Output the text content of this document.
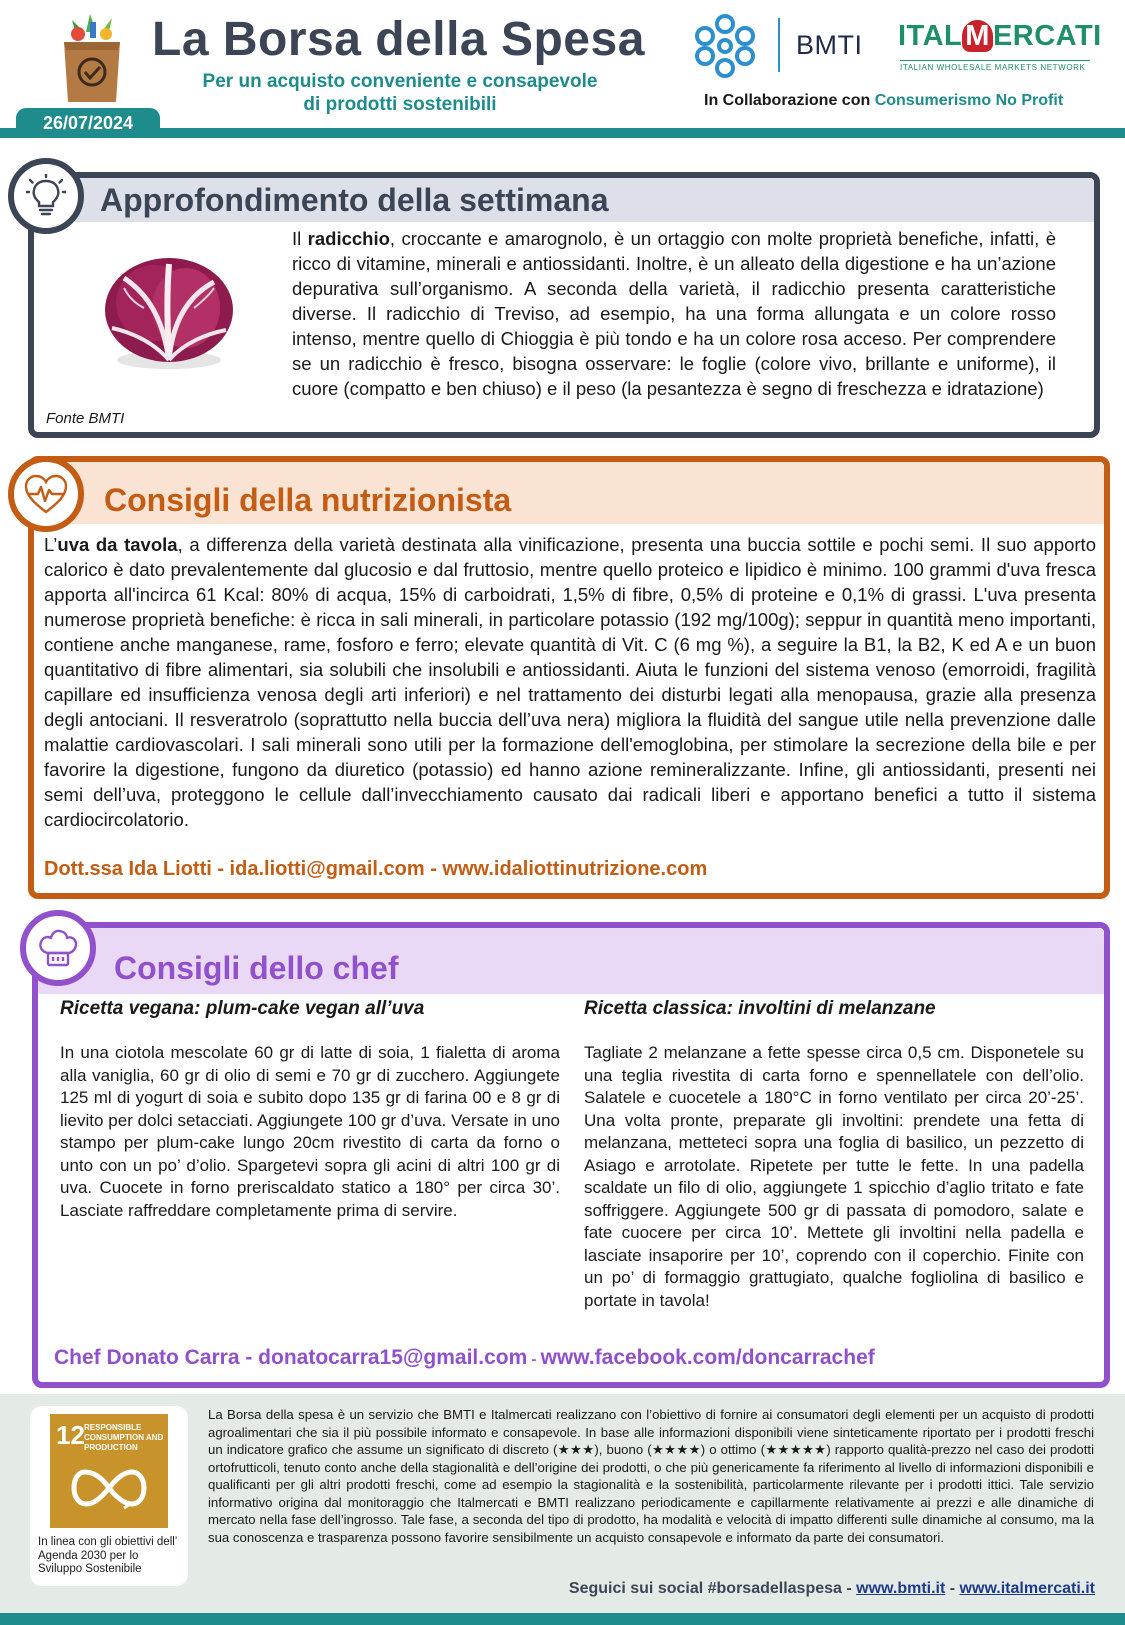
La Borsa della Spesa
Per un acquisto conveniente e consapevole
di prodotti sostenibili
BMTI ITAL M ERCATI
ITALIAN WHOLESALE MARKETS NETWORK
In Collaborazione con Consumerismo No Profit
26/07/2024
Approfondimento della settimana
Fonte BMTI
Il radicchio, croccante e amarognolo, è un ortaggio con molte proprietà benefiche, infatti, è ricco di vitamine, minerali e antiossidanti. Inoltre, è un alleato della digestione e ha un’azione depurativa sull’organismo. A seconda della varietà, il radicchio presenta caratteristiche diverse. Il radicchio di Treviso, ad esempio, ha una forma allungata e un colore rosso intenso, mentre quello di Chioggia è più tondo e ha un colore rosa acceso. Per comprendere se un radicchio è fresco, bisogna osservare: le foglie (colore vivo, brillante e uniforme), il cuore (compatto e ben chiuso) e il peso (la pesantezza è segno di freschezza e idratazione)
Consigli della nutrizionista
L’uva da tavola, a differenza della varietà destinata alla vinificazione, presenta una buccia sottile e pochi semi. Il suo apporto calorico è dato prevalentemente dal glucosio e dal fruttosio, mentre quello proteico e lipidico è minimo. 100 grammi d'uva fresca apporta all'incirca 61 Kcal: 80% di acqua, 15% di carboidrati, 1,5% di fibre, 0,5% di proteine e 0,1% di grassi. L'uva presenta numerose proprietà benefiche: è ricca in sali minerali, in particolare potassio (192 mg/100g); seppur in quantità meno importanti, contiene anche manganese, rame, fosforo e ferro; elevate quantità di Vit. C (6 mg %), a seguire la B1, la B2, K ed A e un buon quantitativo di fibre alimentari, sia solubili che insolubili e antiossidanti. Aiuta le funzioni del sistema venoso (emorroidi, fragilità capillare ed insufficienza venosa degli arti inferiori) e nel trattamento dei disturbi legati alla menopausa, grazie alla presenza degli antociani. Il resveratrolo (soprattutto nella buccia dell’uva nera) migliora la fluidità del sangue utile nella prevenzione dalle malattie cardiovascolari. I sali minerali sono utili per la formazione dell'emoglobina, per stimolare la secrezione della bile e per favorire la digestione, fungono da diuretico (potassio) ed hanno azione remineralizzante. Infine, gli antiossidanti, presenti nei semi dell’uva, proteggono le cellule dall’invecchiamento causato dai radicali liberi e apportano benefici a tutto il sistema cardiocircolatorio.
Dott.ssa Ida Liotti - ida.liotti@gmail.com - www.idaliottinutrizione.com
Consigli dello chef
Ricetta vegana: plum-cake vegan all’uva
In una ciotola mescolate 60 gr di latte di soia, 1 fialetta di aroma alla vaniglia, 60 gr di olio di semi e 70 gr di zucchero. Aggiungete 125 ml di yogurt di soia e subito dopo 135 gr di farina 00 e 8 gr di lievito per dolci setacciati. Aggiungete 100 gr d’uva. Versate in uno stampo per plum-cake lungo 20cm rivestito di carta da forno o unto con un po’ d’olio. Spargetevi sopra gli acini di altri 100 gr di uva. Cuocete in forno preriscaldato statico a 180° per circa 30’. Lasciate raffreddare completamente prima di servire.
Ricetta classica: involtini di melanzane
Tagliate 2 melanzane a fette spesse circa 0,5 cm. Disponetele su una teglia rivestita di carta forno e spennellatele con dell’olio. Salatele e cuocetele a 180°C in forno ventilato per circa 20’-25’. Una volta pronte, preparate gli involtini: prendete una fetta di melanzana, metteteci sopra una foglia di basilico, un pezzetto di Asiago e arrotolate. Ripetete per tutte le fette. In una padella scaldate un filo di olio, aggiungete 1 spicchio d’aglio tritato e fate soffriggere. Aggiungete 500 gr di passata di pomodoro, salate e fate cuocere per circa 10’. Mettete gli involtini nella padella e lasciate insaporire per 10’, coprendo con il coperchio. Finite con un po’ di formaggio grattugiato, qualche fogliolina di basilico e portate in tavola!
Chef Donato Carra - donatocarra15@gmail.com - www.facebook.com/doncarrachef
12 RESPONSIBLE CONSUMPTION AND PRODUCTION
In linea con gli obiettivi dell’ Agenda 2030 per lo Sviluppo Sostenibile
La Borsa della spesa è un servizio che BMTI e Italmercati realizzano con l’obiettivo di fornire ai consumatori degli elementi per un acquisto di prodotti agroalimentari che sia il più possibile informato e consapevole. In base alle informazioni disponibili viene sinteticamente riportato per i prodotti freschi un indicatore grafico che assume un significato di discreto (★★★), buono (★★★★) o ottimo (★★★★★) rapporto qualità-prezzo nel caso dei prodotti ortofrutticoli, tenuto conto anche della stagionalità e dell’origine dei prodotti, o che più genericamente fa riferimento al livello di informazioni disponibili e qualificanti per gli altri prodotti freschi, come ad esempio la stagionalità e la sostenibilità, particolarmente rilevante per i prodotti ittici. Tale servizio informativo origina dal monitoraggio che Italmercati e BMTI realizzano periodicamente e capillarmente relativamente ai prezzi e alle dinamiche di mercato nella fase dell’ingrosso. Tale fase, a seconda del tipo di prodotto, ha modalità e velocità di impatto differenti sulle dinamiche al consumo, ma la sua conoscenza e trasparenza possono favorire sensibilmente un acquisto consapevole e informato da parte dei consumatori.
Seguici sui social #borsadellaspesa - www.bmti.it - www.italmercati.it
